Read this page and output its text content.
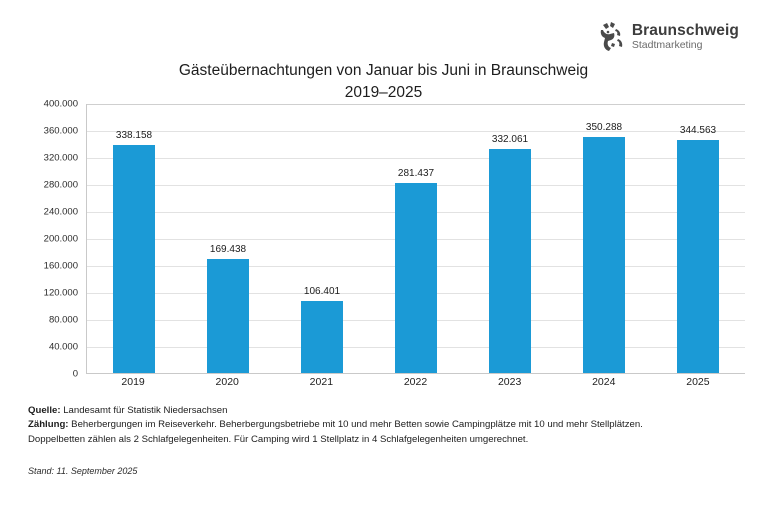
Braunschweig
Stadtmarketing
Gästeübernachtungen von Januar bis Juni in Braunschweig
2019–2025
400.000
360.000
320.000
280.000
240.000
200.000
160.000
120.000
80.000
40.000
0
338.158
169.438
106.401
281.437
332.061
350.288	344.563
2019	2020	2021	2022	2023	2024	2025
Quelle: Landesamt für Statistik Niedersachsen
Zählung: Beherbergungen im Reiseverkehr. Beherbergungsbetriebe mit 10 und mehr Betten sowie Campingplätze mit 10 und mehr Stellplätzen.
Doppelbetten zählen als 2 Schlafgelegenheiten. Für Camping wird 1 Stellplatz in 4 Schlafgelegenheiten umgerechnet.
Stand: 11. September 2025
